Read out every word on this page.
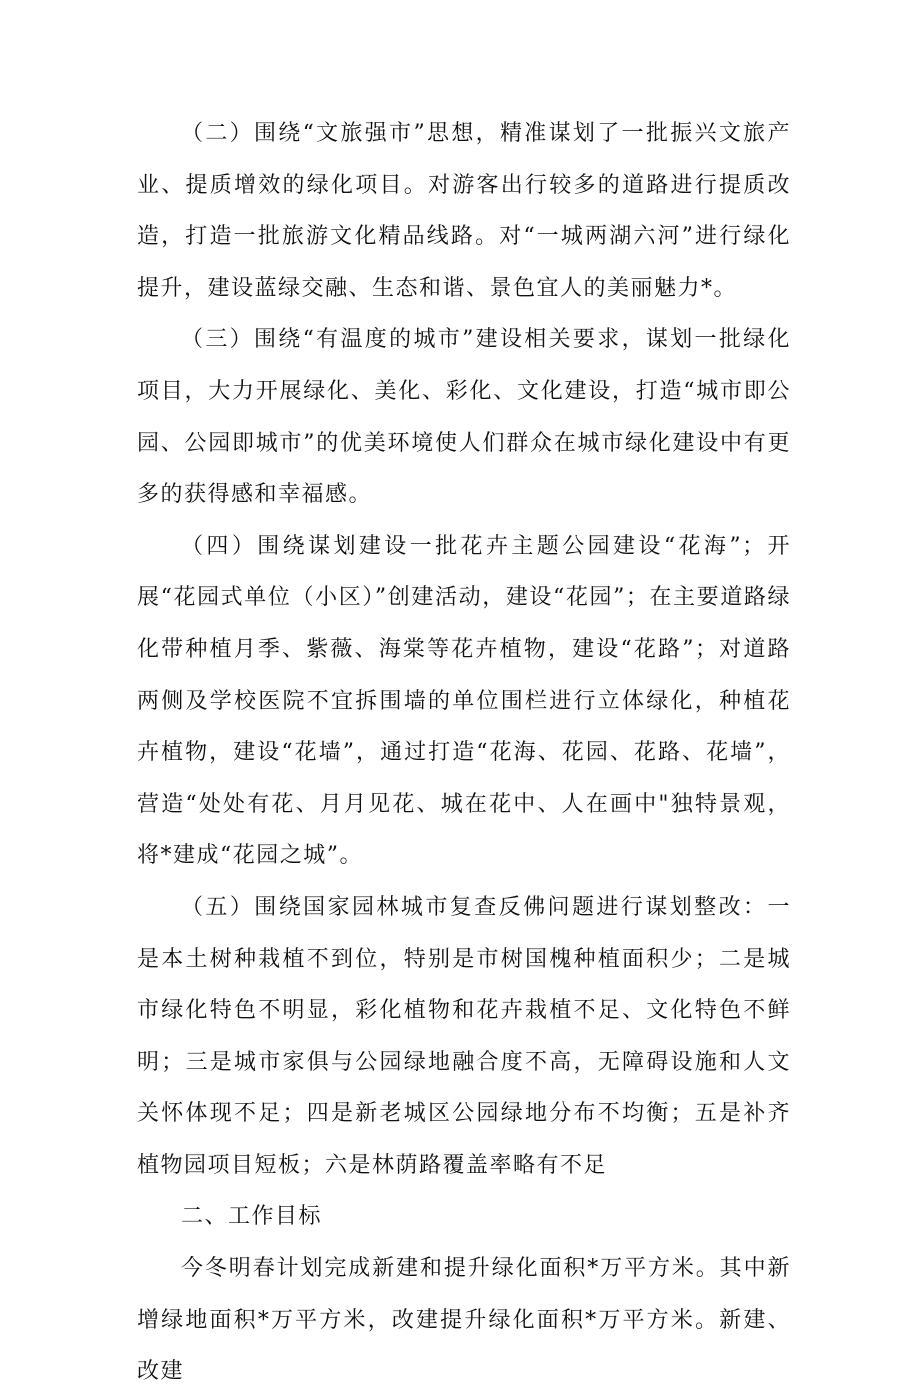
（二）围绕“文旅强市”思想，精准谋划了一批振兴文旅产业、提质增效的绿化项目。对游客出行较多的道路进行提质改造，打造一批旅游文化精品线路。对“一城两湖六河”进行绿化提升，建设蓝绿交融、生态和谐、景色宜人的美丽魅力*。

（三）围绕“有温度的城市”建设相关要求，谋划一批绿化项目，大力开展绿化、美化、彩化、文化建设，打造“城市即公园、公园即城市”的优美环境使人们群众在城市绿化建设中有更多的获得感和幸福感。

（四）围绕谋划建设一批花卉主题公园建设“花海”；开展“花园式单位（小区）”创建活动，建设“花园”；在主要道路绿化带种植月季、紫薇、海棠等花卉植物，建设“花路”；对道路两侧及学校医院不宜拆围墙的单位围栏进行立体绿化，种植花卉植物，建设“花墙”，通过打造“花海、花园、花路、花墙”，营造“处处有花、月月见花、城在花中、人在画中"独特景观，将*建成“花园之城”。

（五）围绕国家园林城市复查反佛问题进行谋划整改：一是本土树种栽植不到位，特别是市树国槐种植面积少；二是城市绿化特色不明显，彩化植物和花卉栽植不足、文化特色不鲜明；三是城市家俱与公园绿地融合度不高，无障碍设施和人文关怀体现不足；四是新老城区公园绿地分布不均衡；五是补齐植物园项目短板；六是林荫路覆盖率略有不足

二、工作目标

今冬明春计划完成新建和提升绿化面积*万平方米。其中新增绿地面积*万平方米，改建提升绿化面积*万平方米。新建、改建
